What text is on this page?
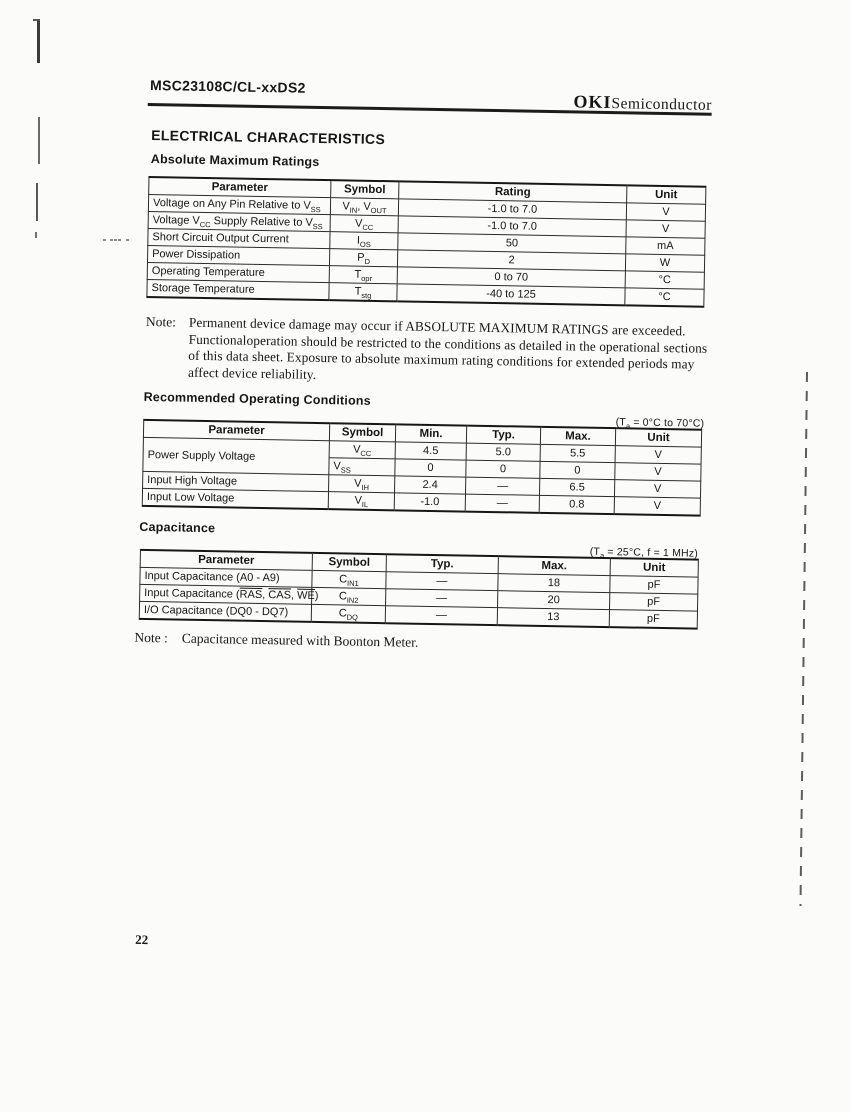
MSC23108C/CL-xxDS2
OKISemiconductor
ELECTRICAL CHARACTERISTICS
Absolute Maximum Ratings
Parameter	Symbol	Rating	Unit
Voltage on Any Pin Relative to $V_{SS}$	$V_{IN}$, $V_{OUT}$	-1.0 to 7.0	V
Voltage $V_{CC}$ Supply Relative to $V_{SS}$	$V_{CC}$	-1.0 to 7.0	V
Short Circuit Output Current	$I_{OS}$	50	mA
Power Dissipation	$P_D$	2	W
Operating Temperature	$T_{opr}$	0 to 70	°C
Storage Temperature	$T_{stg}$	-40 to 125	°C
Note: Permanent device damage may occur if ABSOLUTE MAXIMUM RATINGS are exceeded. Functionaloperation should be restricted to the conditions as detailed in the operational sections of this data sheet. Exposure to absolute maximum rating conditions for extended periods may affect device reliability.
Recommended Operating Conditions
($T_a = 0^\circ C$ to 70°C)
Parameter	Symbol	Min.	Typ.	Max.	Unit
Power Supply Voltage	$V_{CC}$	4.5	5.0	5.5	V
	$V_{SS}$	0	0	0	V
Input High Voltage	$V_{IH}$	2.4	—	6.5	V
Input Low Voltage	$V_{IL}$	-1.0	—	0.8	V
Capacitance
($T_a = 25^\circ C$, f = 1 MHz)
Parameter	Symbol	Typ.	Max.	Unit
Input Capacitance (A0 - A9)	$C_{IN1}$	—	18	pF
Input Capacitance ($\overline{RAS}$, $\overline{CAS}$, $\overline{WE}$)	$C_{IN2}$	—	20	pF
I/O Capacitance (DQ0 - DQ7)	$C_{DQ}$	—	13	pF
Note : Capacitance measured with Boonton Meter.
22
